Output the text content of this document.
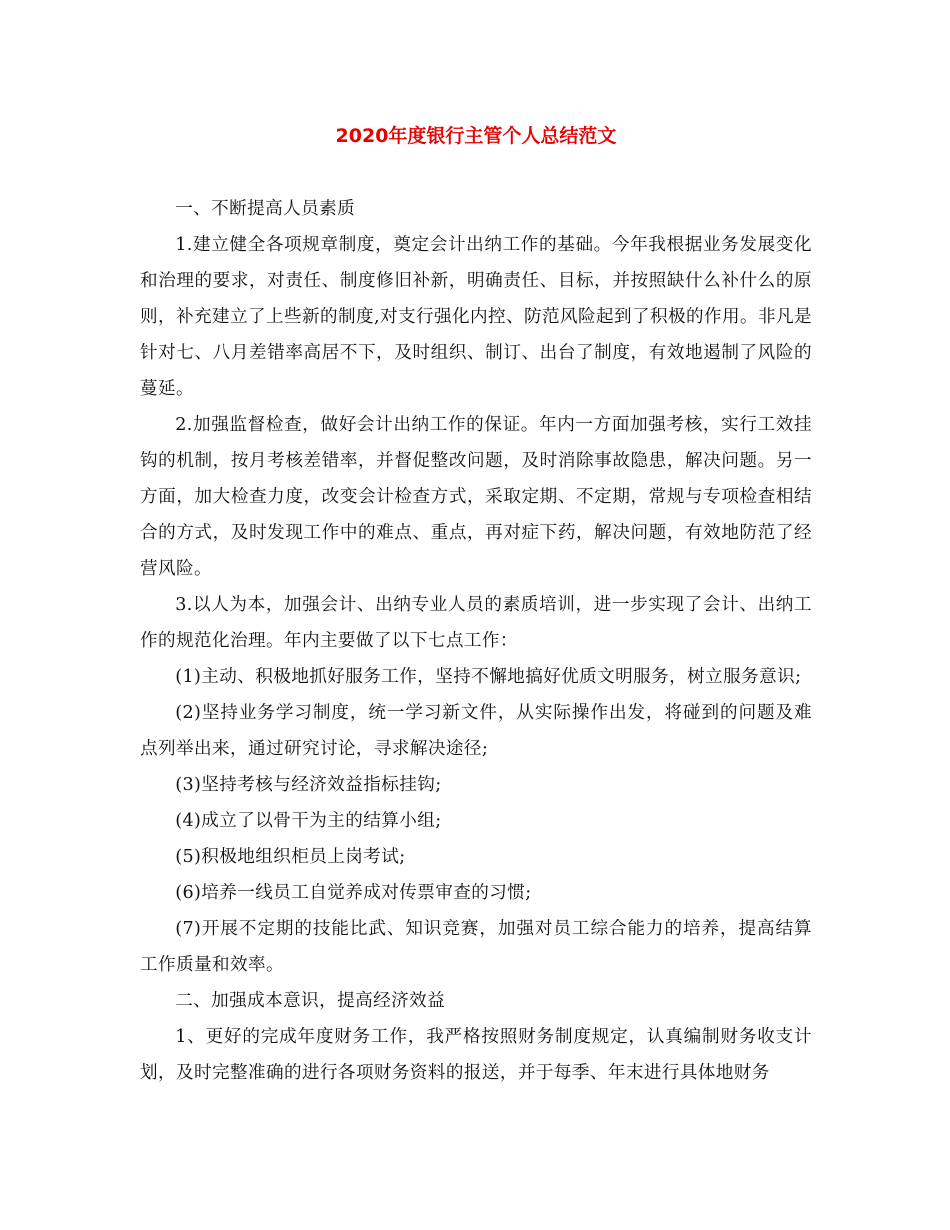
2020年度银行主管个人总结范文

一、不断提高人员素质

1.建立健全各项规章制度，奠定会计出纳工作的基础。今年我根据业务发展变化和治理的要求，对责任、制度修旧补新，明确责任、目标，并按照缺什么补什么的原则，补充建立了上些新的制度,对支行强化内控、防范风险起到了积极的作用。非凡是针对七、八月差错率高居不下，及时组织、制订、出台了制度，有效地遏制了风险的蔓延。

2.加强监督检查，做好会计出纳工作的保证。年内一方面加强考核，实行工效挂钩的机制，按月考核差错率，并督促整改问题，及时消除事故隐患，解决问题。另一方面，加大检查力度，改变会计检查方式，采取定期、不定期，常规与专项检查相结合的方式，及时发现工作中的难点、重点，再对症下药，解决问题，有效地防范了经营风险。

3.以人为本，加强会计、出纳专业人员的素质培训，进一步实现了会计、出纳工作的规范化治理。年内主要做了以下七点工作：

(1)主动、积极地抓好服务工作，坚持不懈地搞好优质文明服务，树立服务意识;

(2)坚持业务学习制度，统一学习新文件，从实际操作出发，将碰到的问题及难点列举出来，通过研究讨论，寻求解决途径;

(3)坚持考核与经济效益指标挂钩;

(4)成立了以骨干为主的结算小组;

(5)积极地组织柜员上岗考试;

(6)培养一线员工自觉养成对传票审查的习惯;

(7)开展不定期的技能比武、知识竞赛，加强对员工综合能力的培养，提高结算工作质量和效率。

二、加强成本意识，提高经济效益

1、更好的完成年度财务工作，我严格按照财务制度规定，认真编制财务收支计划，及时完整准确的进行各项财务资料的报送，并于每季、年末进行具体地财务
